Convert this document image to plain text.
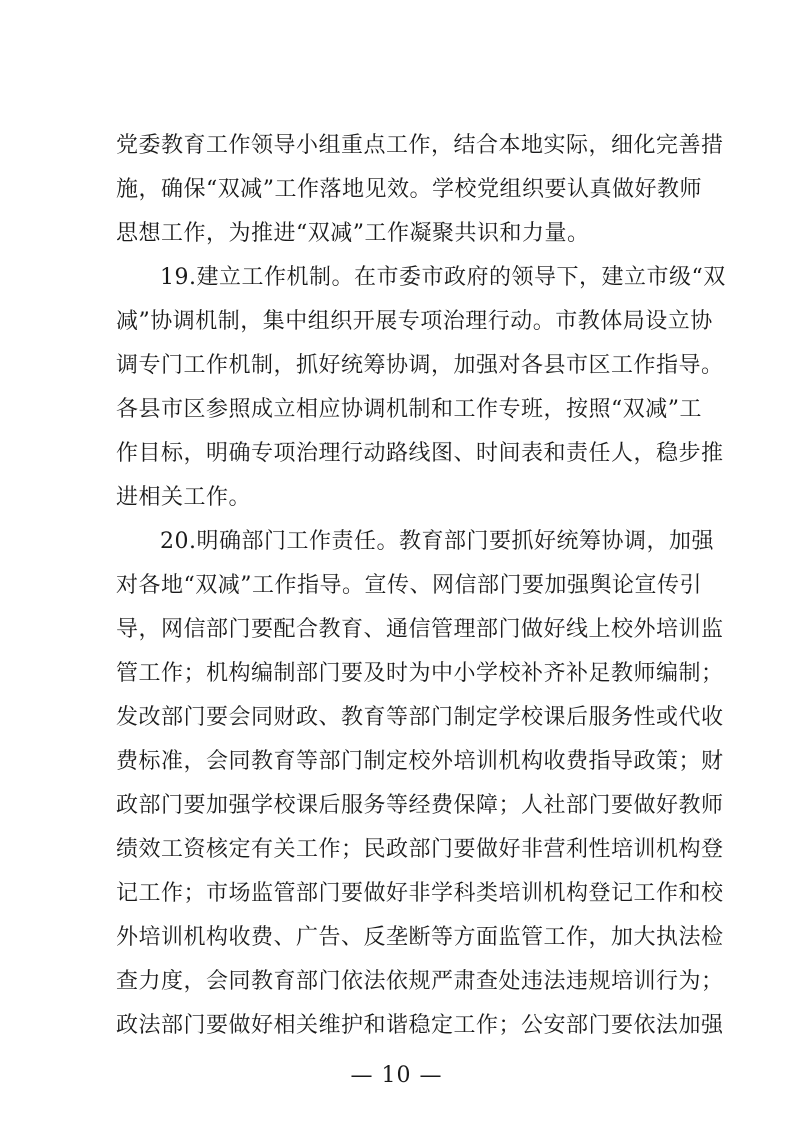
党委教育工作领导小组重点工作，结合本地实际，细化完善措
施，确保“双减”工作落地见效。学校党组织要认真做好教师
思想工作，为推进“双减”工作凝聚共识和力量。
19.建立工作机制。在市委市政府的领导下，建立市级“双
减”协调机制，集中组织开展专项治理行动。市教体局设立协
调专门工作机制，抓好统筹协调，加强对各县市区工作指导。
各县市区参照成立相应协调机制和工作专班，按照“双减”工
作目标，明确专项治理行动路线图、时间表和责任人，稳步推
进相关工作。
20.明确部门工作责任。教育部门要抓好统筹协调，加强
对各地“双减”工作指导。宣传、网信部门要加强舆论宣传引
导，网信部门要配合教育、通信管理部门做好线上校外培训监
管工作；机构编制部门要及时为中小学校补齐补足教师编制；
发改部门要会同财政、教育等部门制定学校课后服务性或代收
费标准，会同教育等部门制定校外培训机构收费指导政策；财
政部门要加强学校课后服务等经费保障；人社部门要做好教师
绩效工资核定有关工作；民政部门要做好非营利性培训机构登
记工作；市场监管部门要做好非学科类培训机构登记工作和校
外培训机构收费、广告、反垄断等方面监管工作，加大执法检
查力度，会同教育部门依法依规严肃查处违法违规培训行为；
政法部门要做好相关维护和谐稳定工作；公安部门要依法加强
— 10 —
